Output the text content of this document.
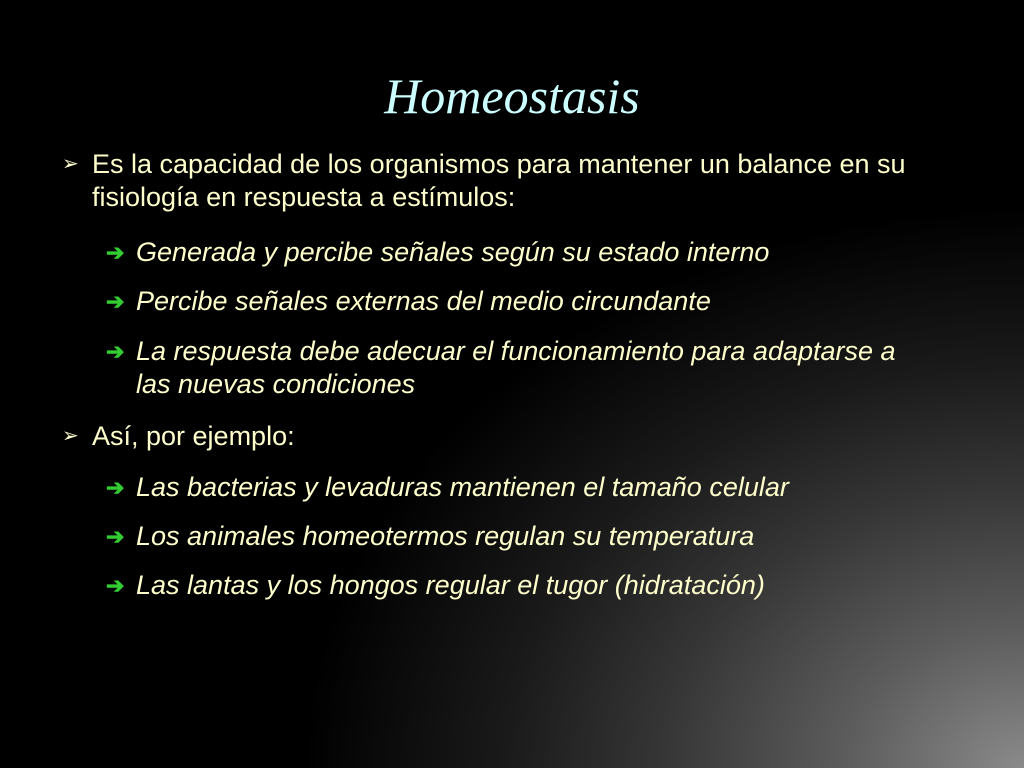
Homeostasis
➢ Es la capacidad de los organismos para mantener un balance en su fisiología en respuesta a estímulos:
➔ Generada y percibe señales según su estado interno
➔ Percibe señales externas del medio circundante
➔ La respuesta debe adecuar el funcionamiento para adaptarse a las nuevas condiciones
➢ Así, por ejemplo:
➔ Las bacterias y levaduras mantienen el tamaño celular
➔ Los animales homeotermos regulan su temperatura
➔ Las lantas y los hongos regular el tugor (hidratación)
